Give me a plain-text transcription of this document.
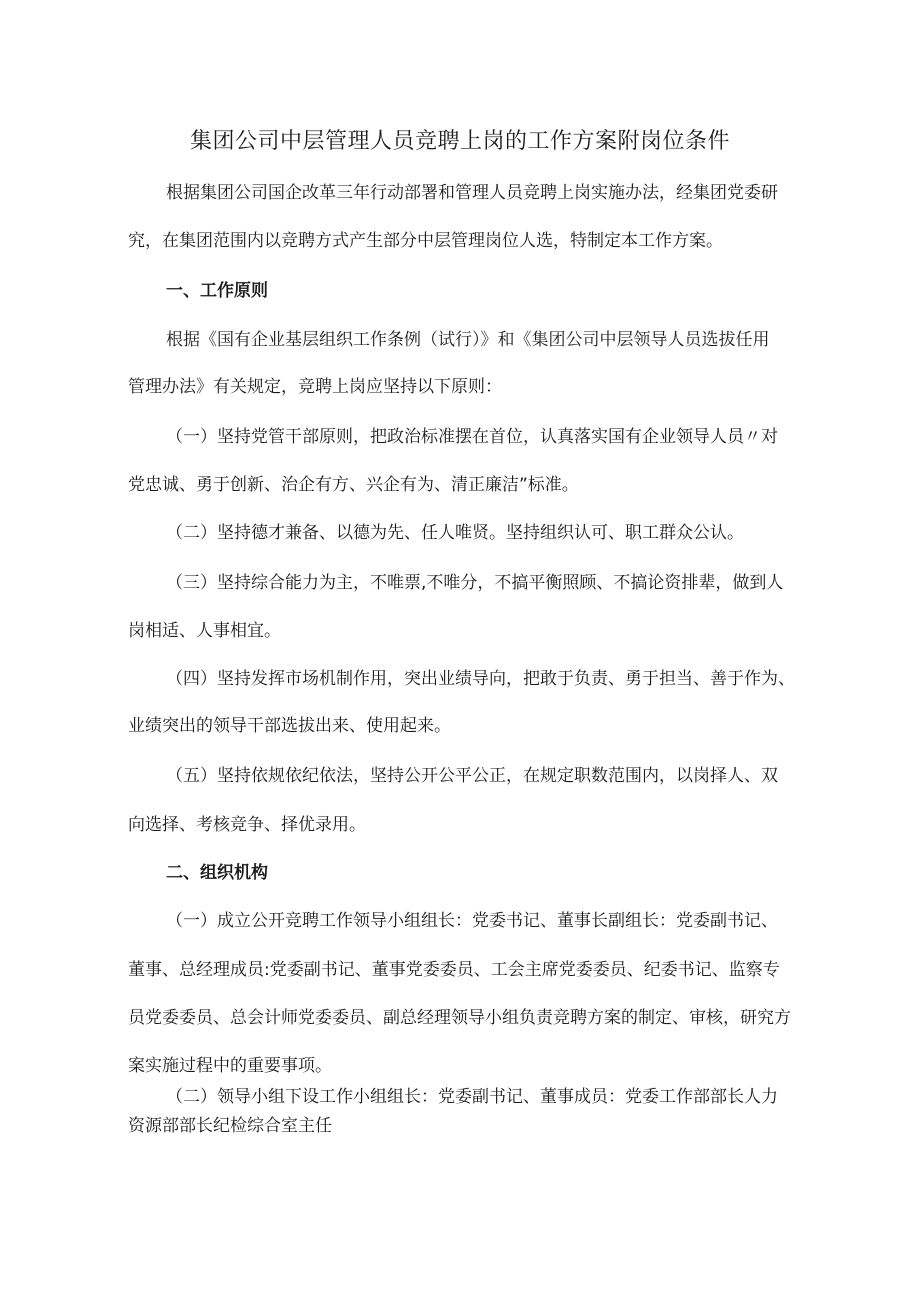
集团公司中层管理人员竞聘上岗的工作方案附岗位条件

根据集团公司国企改革三年行动部署和管理人员竞聘上岗实施办法，经集团党委研

究，在集团范围内以竞聘方式产生部分中层管理岗位人选，特制定本工作方案。

一、工作原则

根据《国有企业基层组织工作条例（试行）》和《集团公司中层领导人员选拔任用

管理办法》有关规定，竞聘上岗应坚持以下原则：

（一）坚持党管干部原则，把政治标准摆在首位，认真落实国有企业领导人员〃对

党忠诚、勇于创新、治企有方、兴企有为、清正廉洁”标准。

（二）坚持德才兼备、以德为先、任人唯贤。坚持组织认可、职工群众公认。

（三）坚持综合能力为主，不唯票,不唯分，不搞平衡照顾、不搞论资排辈，做到人

岗相适、人事相宜。

（四）坚持发挥市场机制作用，突出业绩导向，把敢于负责、勇于担当、善于作为、

业绩突出的领导干部选拔出来、使用起来。

（五）坚持依规依纪依法，坚持公开公平公正，在规定职数范围内，以岗择人、双

向选择、考核竞争、择优录用。

二、组织机构

（一）成立公开竞聘工作领导小组组长：党委书记、董事长副组长：党委副书记、

董事、总经理成员:党委副书记、董事党委委员、工会主席党委委员、纪委书记、监察专

员党委委员、总会计师党委委员、副总经理领导小组负责竞聘方案的制定、审核，研究方

案实施过程中的重要事项。

（二）领导小组下设工作小组组长：党委副书记、董事成员：党委工作部部长人力

资源部部长纪检综合室主任
